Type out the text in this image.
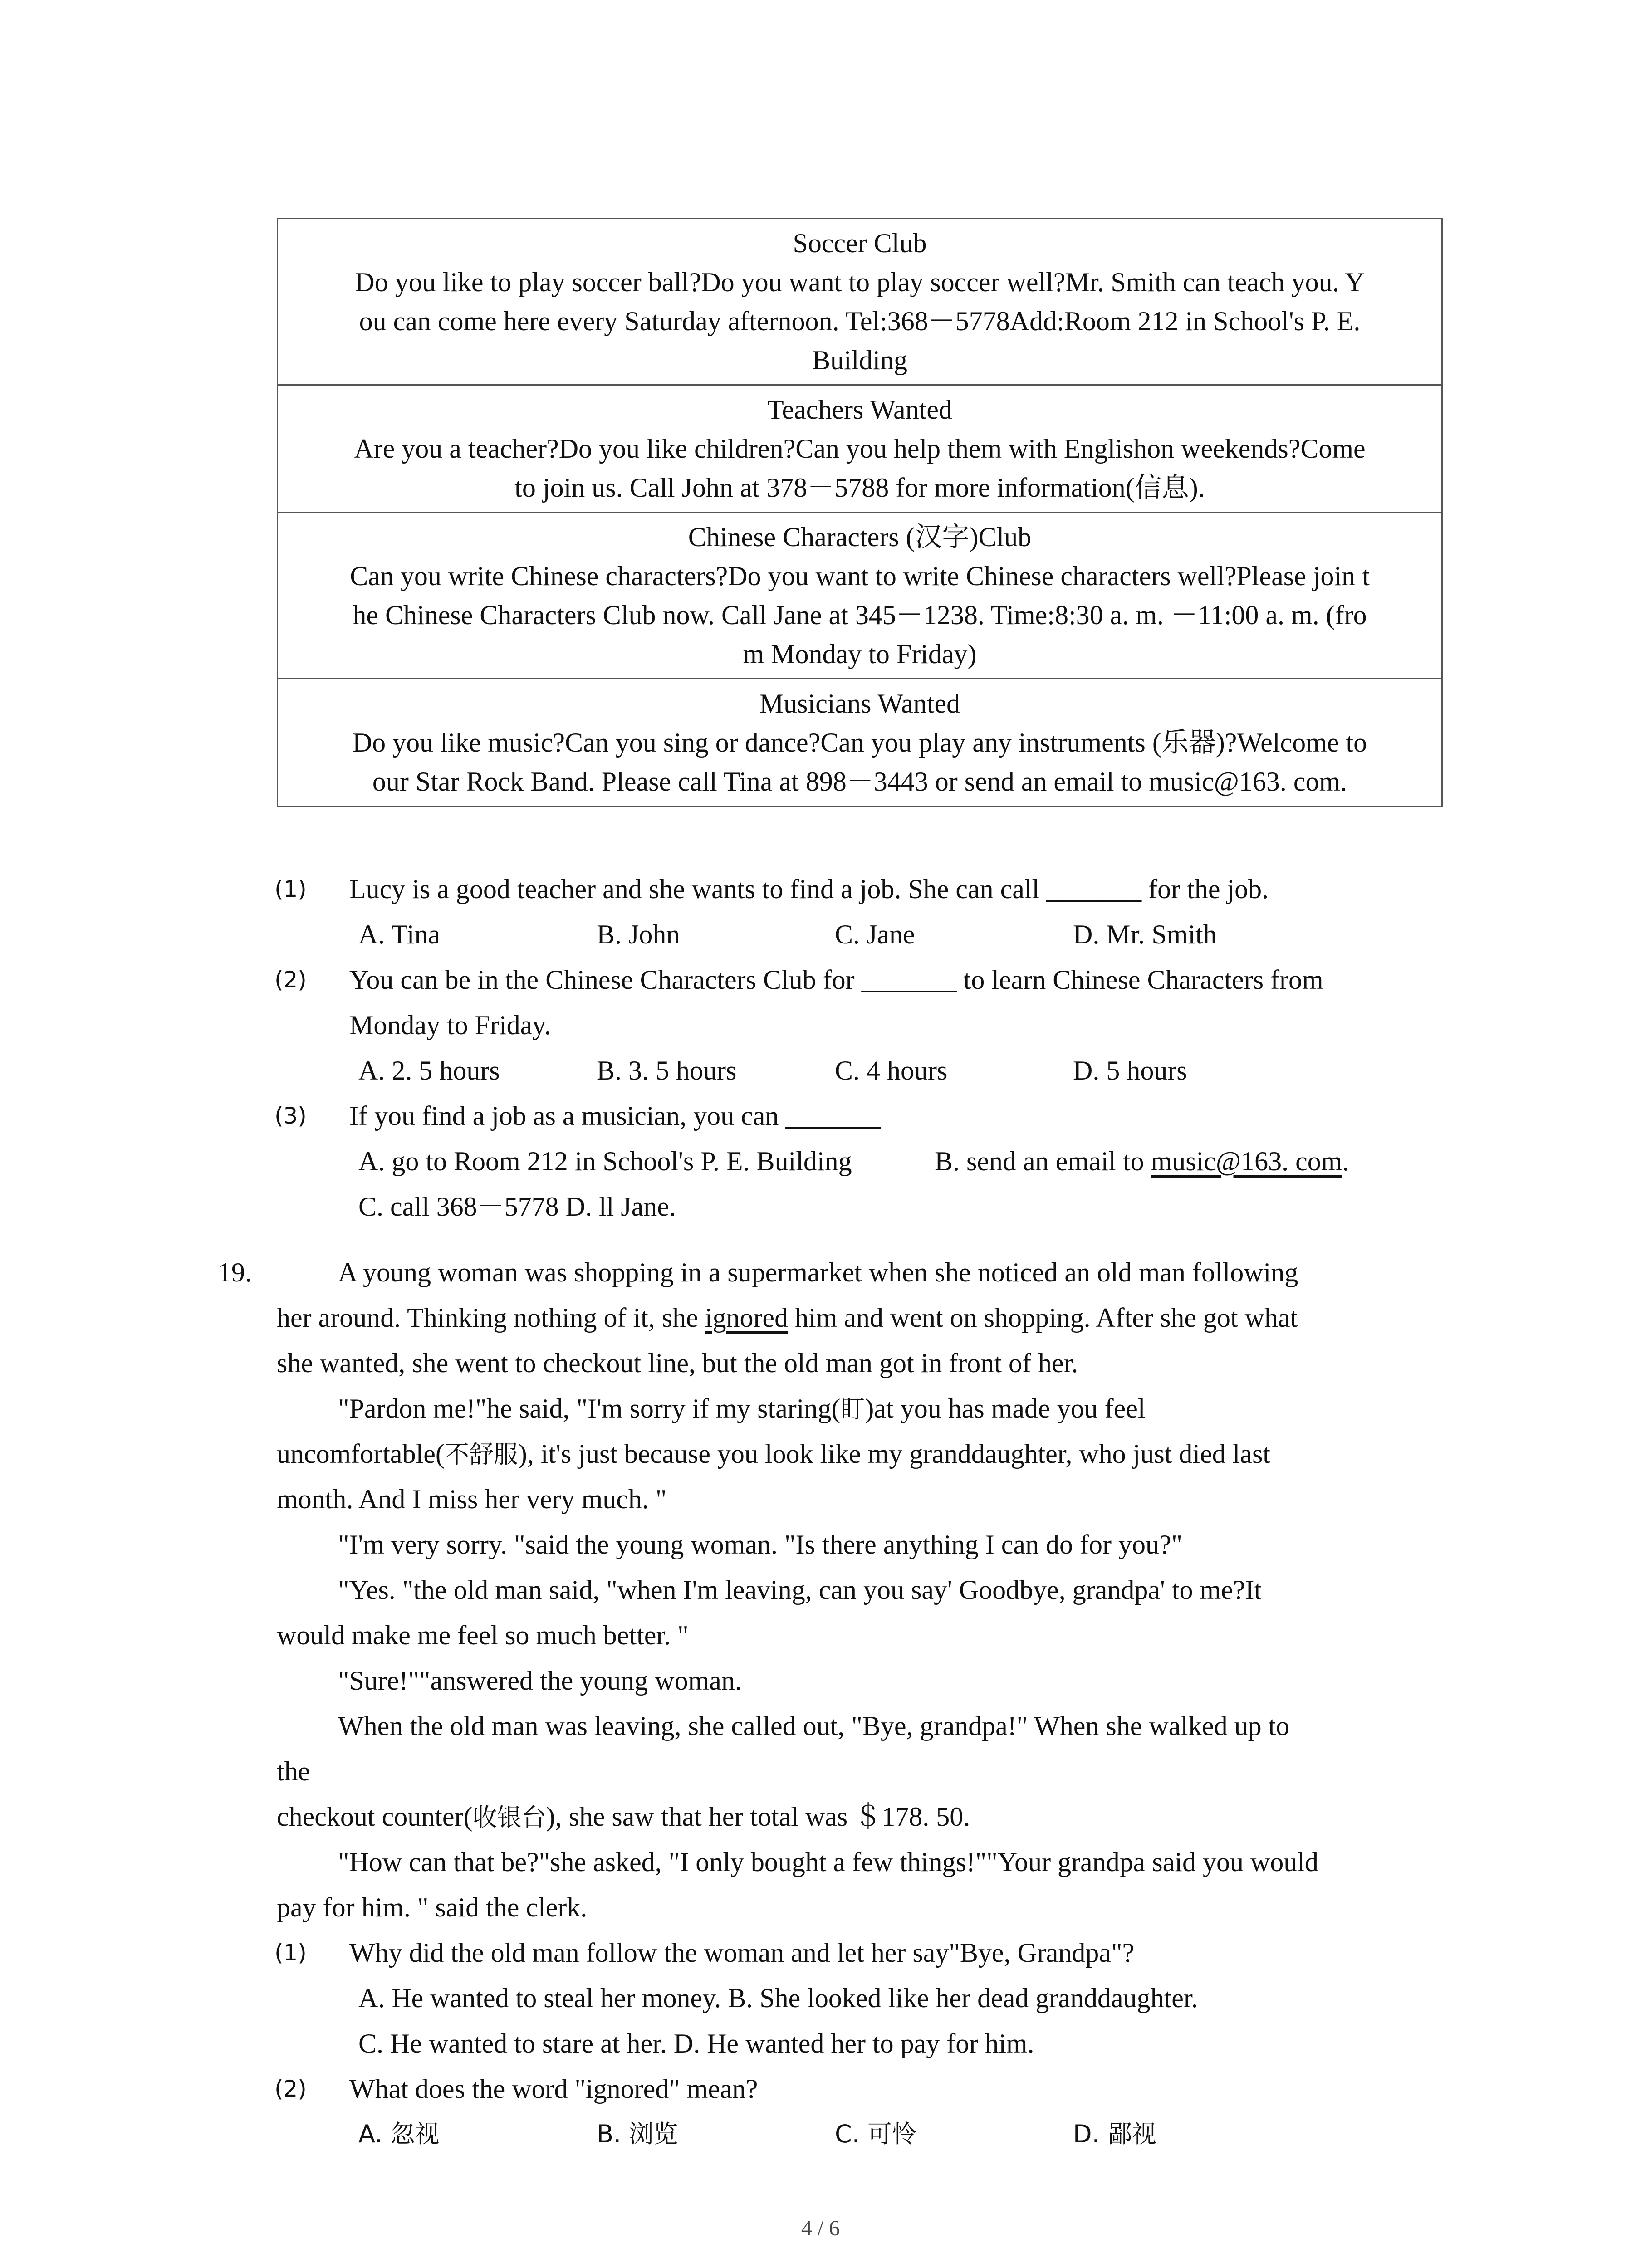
Soccer Club
Do you like to play soccer ball?Do you want to play soccer well?Mr. Smith can teach you. Y
ou can come here every Saturday afternoon. Tel:368－5778Add:Room 212 in School's P. E.
Building

Teachers Wanted
Are you a teacher?Do you like children?Can you help them with Englishon weekends?Come
to join us. Call John at 378－5788 for more information(信息).

Chinese Characters (汉字)Club
Can you write Chinese characters?Do you want to write Chinese characters well?Please join t
he Chinese Characters Club now. Call Jane at 345－1238. Time:8:30 a. m. －11:00 a. m. (fro
m Monday to Friday)

Musicians Wanted
Do you like music?Can you sing or dance?Can you play any instruments (乐器)?Welcome to
our Star Rock Band. Please call Tina at 898－3443 or send an email to music@163. com.
(1) Lucy is a good teacher and she wants to find a job. She can call _______ for the job.
A. Tina	B. John	C. Jane	D. Mr. Smith
(2) You can be in the Chinese Characters Club for _______ to learn Chinese Characters from
Monday to Friday.
A. 2. 5 hours	B. 3. 5 hours	C. 4 hours	D. 5 hours
(3) If you find a job as a musician, you can _______
A. go to Room 212 in School's P. E. Building	B. send an email to music@163. com.
C. call 368－5778 D. ll Jane.
19.	A young woman was shopping in a supermarket when she noticed an old man following
her around. Thinking nothing of it, she ignored him and went on shopping. After she got what
she wanted, she went to checkout line, but the old man got in front of her.
"Pardon me!"he said, "I'm sorry if my staring(盯)at you has made you feel
uncomfortable(不舒服), it's just because you look like my granddaughter, who just died last
month. And I miss her very much. "
"I'm very sorry. "said the young woman. "Is there anything I can do for you?"
"Yes. "the old man said, "when I'm leaving, can you say' Goodbye, grandpa' to me?It
would make me feel so much better. "
"Sure!""answered the young woman.
When the old man was leaving, she called out, "Bye, grandpa!" When she walked up to
the
checkout counter(收银台), she saw that her total was ＄178. 50.
"How can that be?"she asked, "I only bought a few things!""Your grandpa said you would
pay for him. " said the clerk.
(1) Why did the old man follow the woman and let her say"Bye, Grandpa"?
A. He wanted to steal her money. B. She looked like her dead granddaughter.
C. He wanted to stare at her. D. He wanted her to pay for him.
(2) What does the word "ignored" mean?
A. 忽视	B. 浏览	C. 可怜	D. 鄙视
4 / 6
